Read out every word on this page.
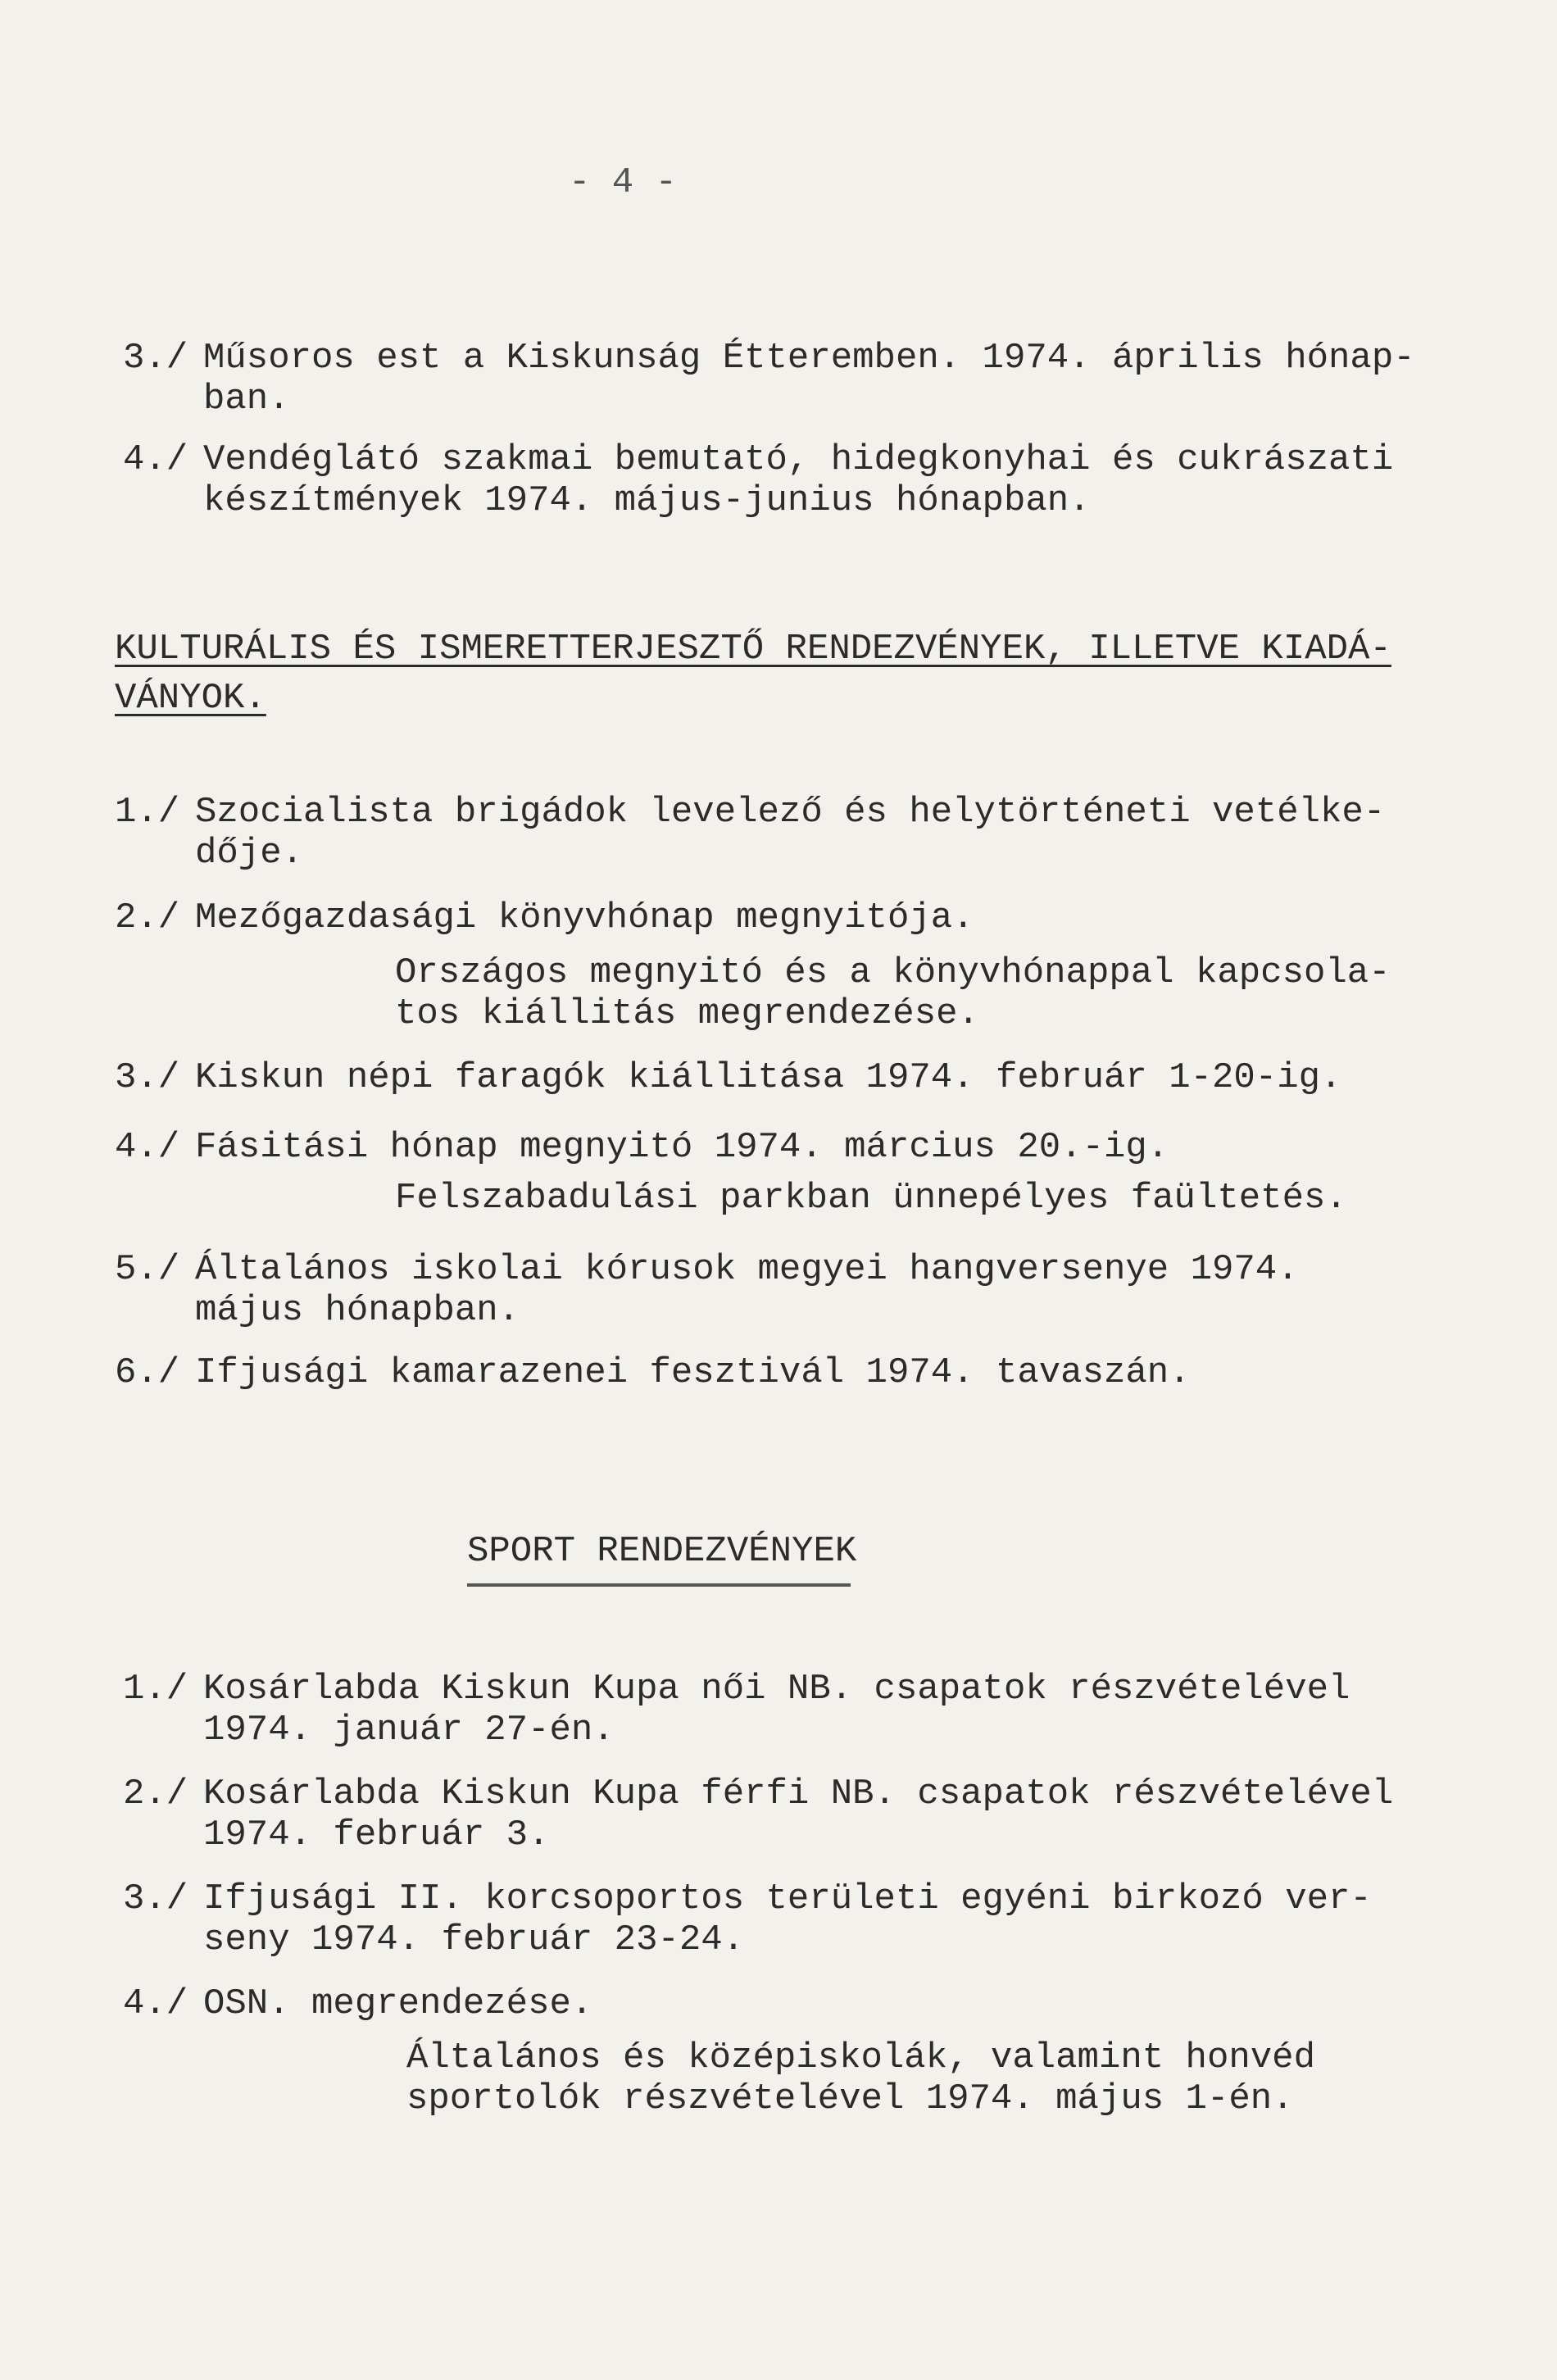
- 4 -
3./ Műsoros est a Kiskunság Étteremben. 1974. április hónap-
ban.
4./ Vendéglátó szakmai bemutató, hidegkonyhai és cukrászati
készítmények 1974. május-junius hónapban.
KULTURÁLIS ÉS ISMERETTERJESZTŐ RENDEZVÉNYEK, ILLETVE KIADÁ-
VÁNYOK.
1./ Szocialista brigádok levelező és helytörténeti vetélke-
dője.
2./ Mezőgazdasági könyvhónap megnyitója.
Országos megnyitó és a könyvhónappal kapcsola-
tos kiállitás megrendezése.
3./ Kiskun népi faragók kiállitása 1974. február 1-20-ig.
4./ Fásitási hónap megnyitó 1974. március 20.-ig.
Felszabadulási parkban ünnepélyes faültetés.
5./ Általános iskolai kórusok megyei hangversenye 1974.
május hónapban.
6./ Ifjusági kamarazenei fesztivál 1974. tavaszán.
SPORT RENDEZVÉNYEK
1./ Kosárlabda Kiskun Kupa női NB. csapatok részvételével
1974. január 27-én.
2./ Kosárlabda Kiskun Kupa férfi NB. csapatok részvételével
1974. február 3.
3./ Ifjusági II. korcsoportos területi egyéni birkozó ver-
seny 1974. február 23-24.
4./ OSN. megrendezése.
Általános és középiskolák, valamint honvéd
sportolók részvételével 1974. május 1-én.
